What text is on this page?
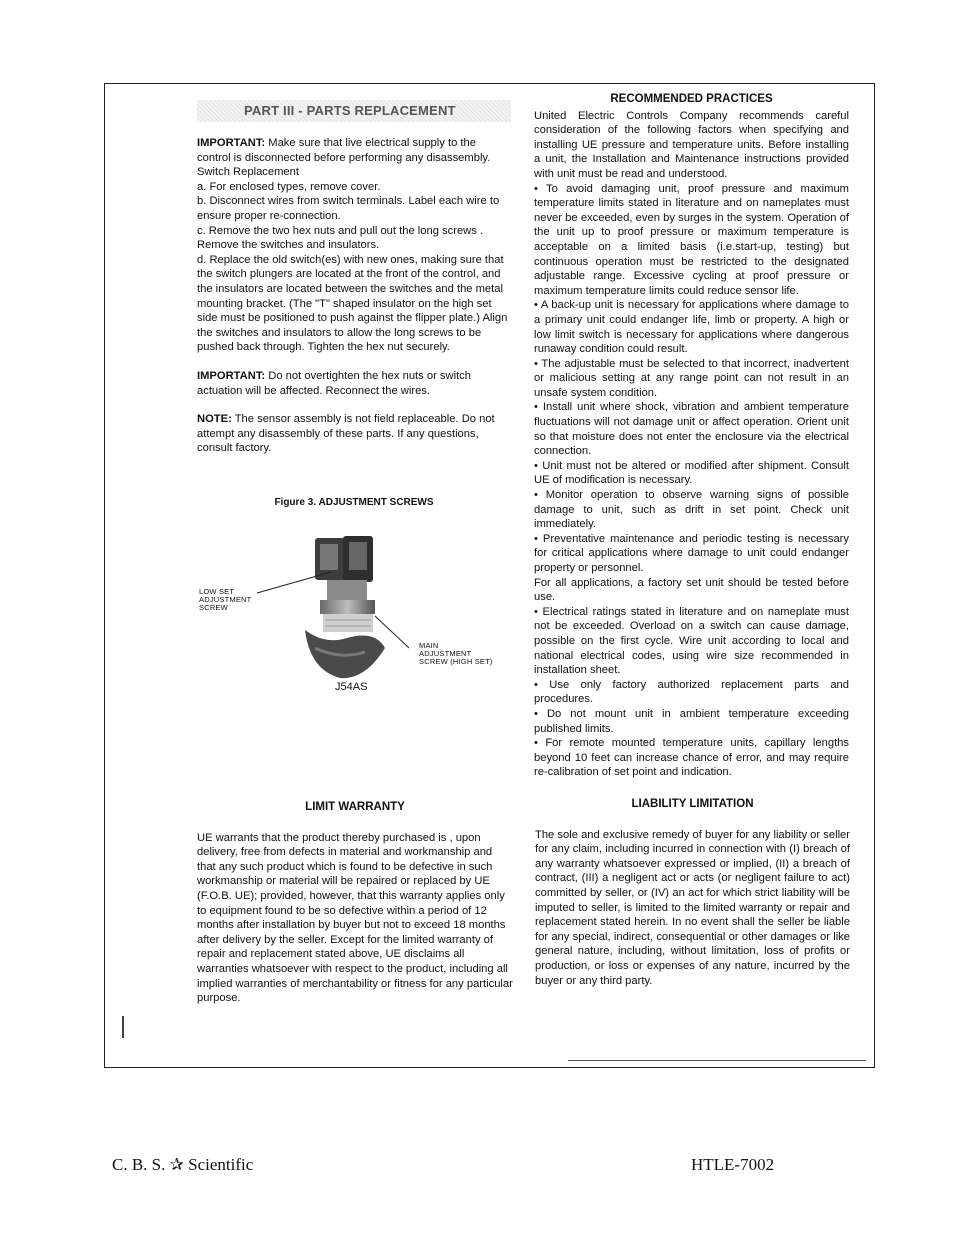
PART III - PARTS REPLACEMENT

IMPORTANT: Make sure that live electrical supply to the control is disconnected before performing any disassembly.

Switch Replacement

a. For enclosed types, remove cover.

b. Disconnect wires from switch terminals. Label each wire to ensure proper re-connection.

c. Remove the two hex nuts and pull out the long screws . Remove the switches and insulators.

d. Replace the old switch(es) with new ones, making sure that the switch plungers are located at the front of the control, and the insulators are located between the switches and the metal mounting bracket. (The "T" shaped insulator on the high set side must be positioned to push against the flipper plate.) Align the switches and insulators to allow the long screws to be pushed back through. Tighten the hex nut securely.

IMPORTANT: Do not overtighten the hex nuts or switch actuation will be affected. Reconnect the wires.

NOTE: The sensor assembly is not field replaceable. Do not attempt any disassembly of these parts. If any questions, consult factory.

Figure 3. ADJUSTMENT SCREWS
LOW SET
ADJUSTMENT
SCREW
MAIN
ADJUSTMENT
SCREW (HIGH SET)
J54AS
RECOMMENDED PRACTICES

United Electric Controls Company recommends careful consideration of the following factors when specifying and installing UE pressure and temperature units. Before installing a unit, the Installation and Maintenance instructions provided with unit must be read and understood.

• To avoid damaging unit, proof pressure and maximum temperature limits stated in literature and on nameplates must never be exceeded, even by surges in the system. Operation of the unit up to proof pressure or maximum temperature is acceptable on a limited basis (i.e.start-up, testing) but continuous operation must be restricted to the designated adjustable range. Excessive cycling at proof pressure or maximum temperature limits could reduce sensor life.

• A back-up unit is necessary for applications where damage to a primary unit could endanger life, limb or property. A high or low limit switch is necessary for applications where dangerous runaway condition could result.

• The adjustable must be selected to that incorrect, inadvertent or malicious setting at any range point can not result in an unsafe system condition.

• Install unit where shock, vibration and ambient temperature fluctuations will not damage unit or affect operation. Orient unit so that moisture does not enter the enclosure via the electrical connection.

• Unit must not be altered or modified after shipment. Consult UE of modification is necessary.

• Monitor operation to observe warning signs of possible damage to unit, such as drift in set point. Check unit immediately.

• Preventative maintenance and periodic testing is necessary for critical applications where damage to unit could endanger property or personnel.

For all applications, a factory set unit should be tested before use.

• Electrical ratings stated in literature and on nameplate must not be exceeded. Overload on a switch can cause damage, possible on the first cycle. Wire unit according to local and national electrical codes, using wire size recommended in installation sheet.

• Use only factory authorized replacement parts and procedures.

• Do not mount unit in ambient temperature exceeding published limits.

• For remote mounted temperature units, capillary lengths beyond 10 feet can increase chance of error, and may require re-calibration of set point and indication.

LIMIT WARRANTY

UE warrants that the product thereby purchased is , upon delivery, free from defects in material and workmanship and that any such product which is found to be defective in such workmanship or material will be repaired or replaced by UE (F.O.B. UE); provided, however, that this warranty applies only to equipment found to be so defective within a period of 12 months after installation by buyer but not to exceed 18 months after delivery by the seller. Except for the limited warranty of repair and replacement stated above, UE disclaims all warranties whatsoever with respect to the product, including all implied warranties of merchantability or fitness for any particular purpose.

LIABILITY LIMITATION

The sole and exclusive remedy of buyer for any liability or seller for any claim, including incurred in connection with (I) breach of any warranty whatsoever expressed or implied, (II) a breach of contract, (III) a negligent act or acts (or negligent failure to act) committed by seller, or (IV) an act for which strict liability will be imputed to seller, is limited to the limited warranty or repair and replacement stated herein. In no event shall the seller be liable for any special, indirect, consequential or other damages or like general nature, including, without limitation, loss of profits or production, or loss or expenses of any nature, incurred by the buyer or any third party.

C. B. S. ✰ Scientific	HTLE-7002
